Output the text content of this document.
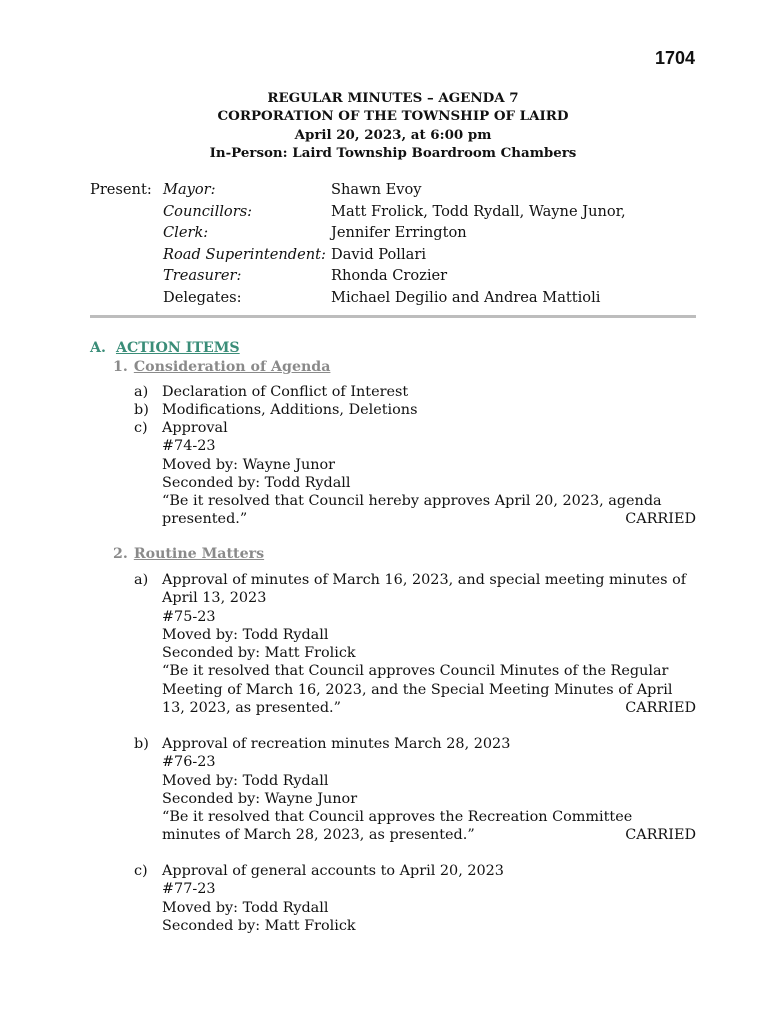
1704
REGULAR MINUTES – AGENDA 7
CORPORATION OF THE TOWNSHIP OF LAIRD
April 20, 2023, at 6:00 pm
In-Person: Laird Township Boardroom Chambers
Present: Mayor:	Shawn Evoy
Councillors:	Matt Frolick, Todd Rydall, Wayne Junor,
Clerk:	Jennifer Errington
Road Superintendent: David Pollari
Treasurer:	Rhonda Crozier
Delegates:	Michael Degilio and Andrea Mattioli
A. ACTION ITEMS
1. Consideration of Agenda
a) Declaration of Conflict of Interest
b) Modifications, Additions, Deletions
c) Approval
#74-23
Moved by: Wayne Junor
Seconded by: Todd Rydall
“Be it resolved that Council hereby approves April 20, 2023, agenda
presented.”	CARRIED
2. Routine Matters
a) Approval of minutes of March 16, 2023, and special meeting minutes of
April 13, 2023
#75-23
Moved by: Todd Rydall
Seconded by: Matt Frolick
“Be it resolved that Council approves Council Minutes of the Regular
Meeting of March 16, 2023, and the Special Meeting Minutes of April
13, 2023, as presented.”	CARRIED
b) Approval of recreation minutes March 28, 2023
#76-23
Moved by: Todd Rydall
Seconded by: Wayne Junor
“Be it resolved that Council approves the Recreation Committee
minutes of March 28, 2023, as presented.”	CARRIED
c) Approval of general accounts to April 20, 2023
#77-23
Moved by: Todd Rydall
Seconded by: Matt Frolick
